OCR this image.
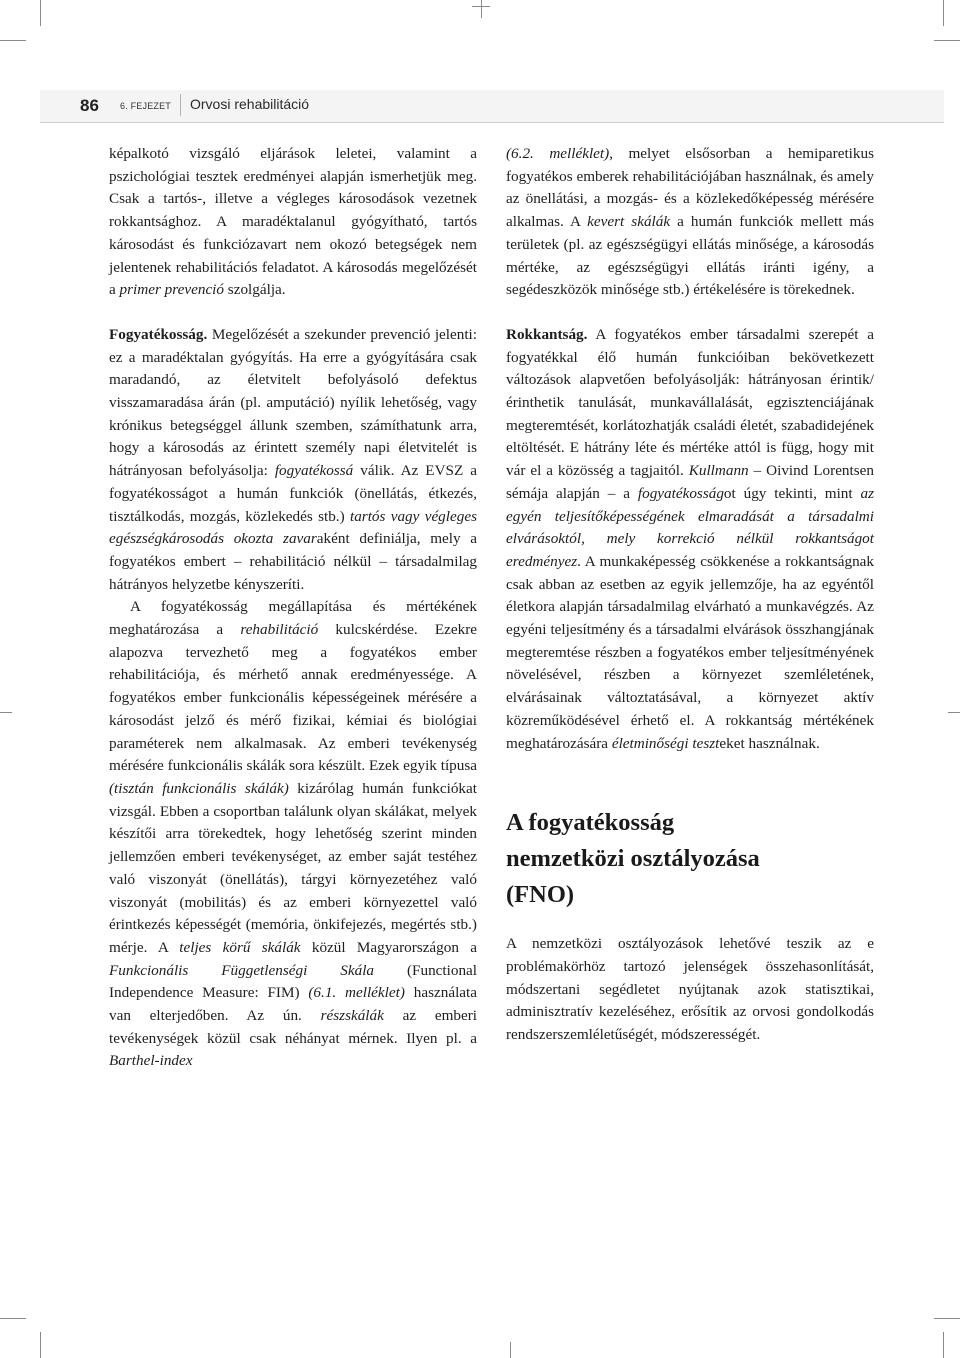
86 6. FEJEZET Orvosi rehabilitáció

képalkotó vizsgáló eljárások leletei, valamint a pszichológiai tesztek eredményei alapján ismerhetjük meg. Csak a tartós-, illetve a végleges károsodások vezetnek rokkantsághoz. A maradéktalanul gyógyítható, tartós károsodást és funkciózavart nem okozó betegségek nem jelentenek rehabilitációs feladatot. A károsodás megelőzését a primer prevenció szolgálja.

Fogyatékosság. Megelőzését a szekunder prevenció jelenti: ez a maradéktalan gyógyítás. Ha erre a gyógyítására csak maradandó, az életvitelt befolyásoló defektus visszamaradása árán (pl. amputáció) nyílik lehetőség, vagy krónikus betegséggel állunk szemben, számíthatunk arra, hogy a károsodás az érintett személy napi életvitelét is hátrányosan befolyásolja: fogyatékossá válik. Az EVSZ a fogyatékosságot a humán funkciók (önellátás, étkezés, tisztálkodás, mozgás, közlekedés stb.) tartós vagy végleges egészségkárosodás okozta zavaraként definiálja, mely a fogyatékos embert – rehabilitáció nélkül – társadalmilag hátrányos helyzetbe kényszeríti.

A fogyatékosság megállapítása és mértékének meghatározása a rehabilitáció kulcskérdése. Ezekre alapozva tervezhető meg a fogyatékos ember rehabilitációja, és mérhető annak eredményessége. A fogyatékos ember funkcionális képességeinek mérésére a károsodást jelző és mérő fizikai, kémiai és biológiai paraméterek nem alkalmasak. Az emberi tevékenység mérésére funkcionális skálák sora készült. Ezek egyik típusa (tisztán funkcionális skálák) kizárólag humán funkciókat vizsgál. Ebben a csoportban találunk olyan skálákat, melyek készítői arra törekedtek, hogy lehetőség szerint minden jellemzően emberi tevékenységet, az ember saját testéhez való viszonyát (önellátás), tárgyi környezetéhez való viszonyát (mobilitás) és az emberi környezettel való érintkezés képességét (memória, önkifejezés, megértés stb.) mérje. A teljes körű skálák közül Magyarországon a Funkcionális Függetlenségi Skála (Functional Independence Measure: FIM) (6.1. melléklet) használata van elterjedőben. Az ún. részskálák az emberi tevékenységek közül csak néhányat mérnek. Ilyen pl. a Barthel-index

(6.2. melléklet), melyet elsősorban a hemiparetikus fogyatékos emberek rehabilitációjában használnak, és amely az önellátási, a mozgás- és a közlekedőképesség mérésére alkalmas. A kevert skálák a humán funkciók mellett más területek (pl. az egészségügyi ellátás minősége, a károsodás mértéke, az egészségügyi ellátás iránti igény, a segédeszközök minősége stb.) értékelésére is törekednek.

Rokkantság. A fogyatékos ember társadalmi szerepét a fogyatékkal élő humán funkcióiban bekövetkezett változások alapvetően befolyásolják: hátrányosan érintik/érinthetik tanulását, munkavállalását, egzisztenciájának megteremtését, korlátozhatják családi életét, szabadidejének eltöltését. E hátrány léte és mértéke attól is függ, hogy mit vár el a közösség a tagjaitól. Kullmann – Oivind Lorentsen sémája alapján – a fogyatékosságot úgy tekinti, mint az egyén teljesítőképességének elmaradását a társadalmi elvárásoktól, mely korrekció nélkül rokkantságot eredményez. A munkaképesség csökkenése a rokkantságnak csak abban az esetben az egyik jellemzője, ha az egyéntől életkora alapján társadalmilag elvárható a munkavégzés. Az egyéni teljesítmény és a társadalmi elvárások összhangjának megteremtése részben a fogyatékos ember teljesítményének növelésével, részben a környezet szemléletének, elvárásainak változtatásával, a környezet aktív közreműködésével érhető el. A rokkantság mértékének meghatározására életminőségi teszteket használnak.

A fogyatékosság
nemzetközi osztályozása
(FNO)

A nemzetközi osztályozások lehetővé teszik az e problémakörhöz tartozó jelenségek összehasonlítását, módszertani segédletet nyújtanak azok statisztikai, adminisztratív kezeléséhez, erősítik az orvosi gondolkodás rendszerszemléletűségét, módszerességét.
